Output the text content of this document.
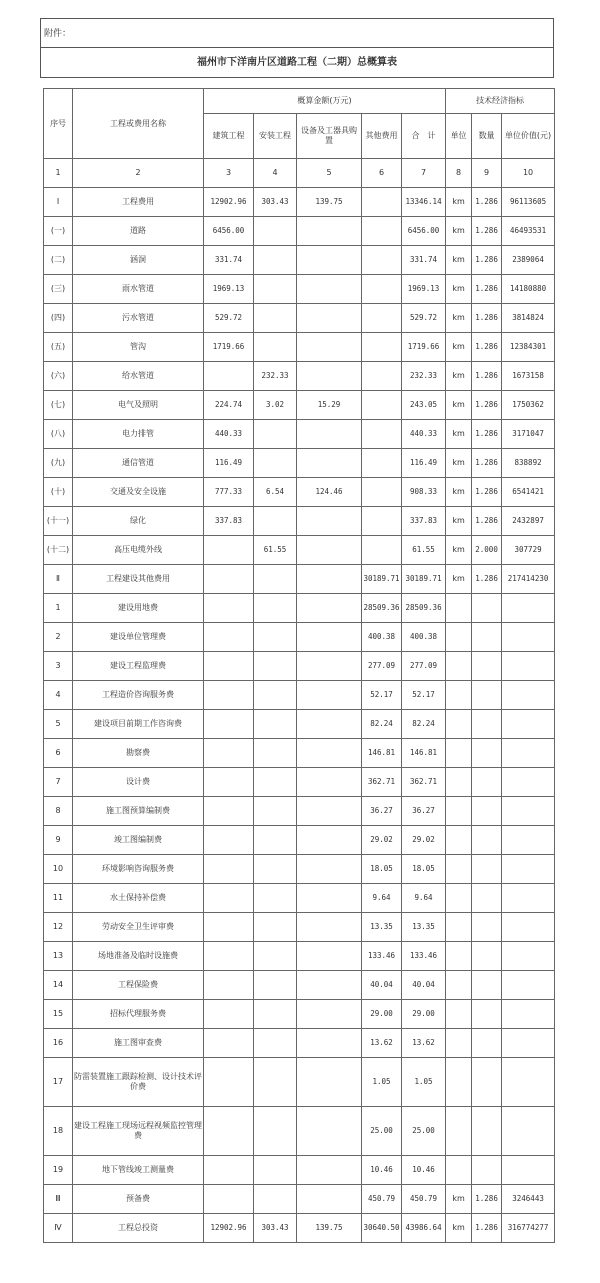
附件：
福州市下洋南片区道路工程（二期）总概算表
序号	工程或费用名称	概算金额(万元)					技术经济指标		
		建筑工程	安装工程	设备及工器具购置	其他费用	合　计	单位	数量	单位价值(元)
1	2	3	4	5	6	7	8	9	10
Ⅰ	工程费用	12902.96	303.43	139.75		13346.14	km	1.286	96113605
(一)	道路	6456.00				6456.00	km	1.286	46493531
(二)	涵洞	331.74				331.74	km	1.286	2389064
(三)	雨水管道	1969.13				1969.13	km	1.286	14180880
(四)	污水管道	529.72				529.72	km	1.286	3814824
(五)	管沟	1719.66				1719.66	km	1.286	12384301
(六)	给水管道		232.33			232.33	km	1.286	1673158
(七)	电气及照明	224.74	3.02	15.29		243.05	km	1.286	1750362
(八)	电力排管	440.33				440.33	km	1.286	3171047
(九)	通信管道	116.49				116.49	km	1.286	838892
(十)	交通及安全设施	777.33	6.54	124.46		908.33	km	1.286	6541421
(十一)	绿化	337.83				337.83	km	1.286	2432897
(十二)	高压电缆外线		61.55			61.55	km	2.000	307729
Ⅱ	工程建设其他费用				30189.71	30189.71	km	1.286	217414230
1	建设用地费				28509.36	28509.36			
2	建设单位管理费				400.38	400.38			
3	建设工程监理费				277.09	277.09			
4	工程造价咨询服务费				52.17	52.17			
5	建设项目前期工作咨询费				82.24	82.24			
6	勘察费				146.81	146.81			
7	设计费				362.71	362.71			
8	施工图预算编制费				36.27	36.27			
9	竣工图编制费				29.02	29.02			
10	环境影响咨询服务费				18.05	18.05			
11	水土保持补偿费				9.64	9.64			
12	劳动安全卫生评审费				13.35	13.35			
13	场地准备及临时设施费				133.46	133.46			
14	工程保险费				40.04	40.04			
15	招标代理服务费				29.00	29.00			
16	施工图审查费				13.62	13.62			
17	防雷装置施工跟踪检测、设计技术评价费				1.05	1.05			
18	建设工程施工现场远程视频监控管理费				25.00	25.00			
19	地下管线竣工测量费				10.46	10.46			
Ⅲ	预备费				450.79	450.79	km	1.286	3246443
Ⅳ	工程总投资	12902.96	303.43	139.75	30640.50	43986.64	km	1.286	316774277
